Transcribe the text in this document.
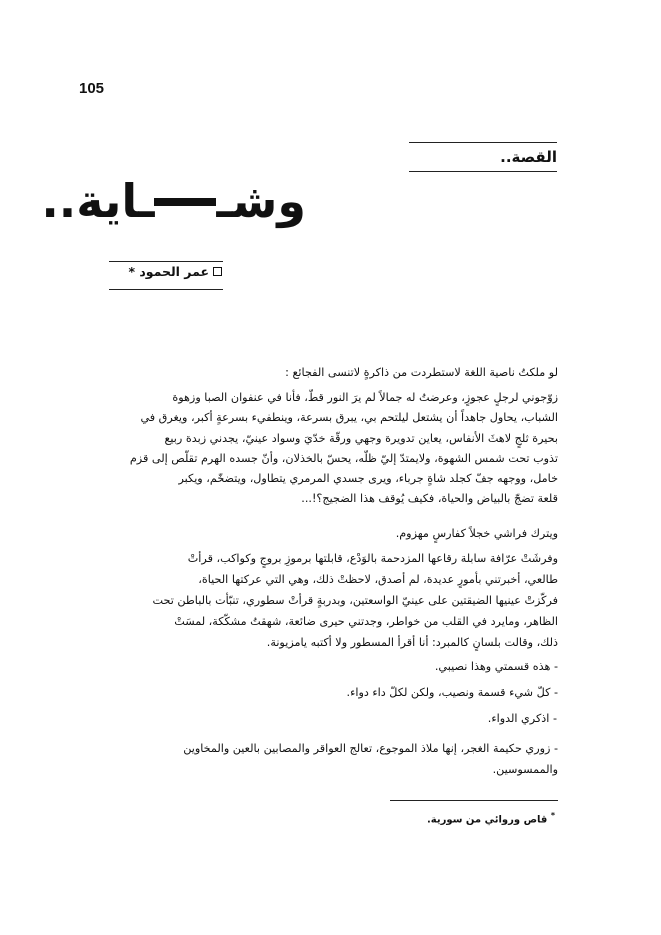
105
القصة..
وشــاية..
عمر الحمود *
لو ملكتُ ناصية اللغة لاستطردت من ذاكرةٍ لاتنسى الفجائع :
زوّجوني لرجلٍ عجوزٍ، وعرضتُ له جمالاً لم يرَ النور قطّ، فأنا في عنفوان الصبا وزهوة
الشباب، يحاول جاهداً أن يشتعل ليلتحم بي، يبرق بسرعة، وينطفيء بسرعةٍ أكبر، ويغرق في
بحيرة ثلجٍ لاهثَ الأنفاس، يعاين تدويرة وجهي ورقّة خدّيَ وسواد عينيّ، يجدني زبدة ربيع
تذوب تحت شمس الشهوة، ولايمتدّ إليّ ظلّه، يحسّ بالخذلان، وأنّ جسده الهرم تقلّص إلى قزم
خامل، ووجهه جفّ كجلد شاةٍ جرباء، ويرى جسدي المرمري يتطاول، ويتضخّم، ويكبر
قلعة تضجّ بالبياض والحياة، فكيف يُوقف هذا الضجيج؟!...
ويترك فراشي خجلاً كفارسٍ مهزوم.
وفرشَتْ عرّافة سابلة رقاعها المزدحمة بالوَدْع، قابلتها برموزِ بروجٍ وكواكب، قرأتْ
طالعي، أخبرتني بأمورٍ عديدة، لم أصدق، لاحظتْ ذلك، وهي التي عركتها الحياة،
فركّزتْ عينيها الضيقتين على عينيّ الواسعتين، وبدربةٍ قرأتْ سطوري، تنبّأت بالباطن تحت
الظاهر، ومايرد في القلب من خواطر، وجدتني حيرى ضائعة، شهقتُ مشكّكة، لمسَتْ
ذلك، وقالت بلسانٍ كالمبرد: أنا أقرأ المسطور ولا أكتبه يامزيونة.
- هذه قسمتي وهذا نصيبي.
- كلّ شيء قسمة ونصيب، ولكن لكلّ داء دواء.
- اذكري الدواء.
- زوري حكيمة الغجر، إنها ملاذ الموجوع، تعالج العواقر والمصابين بالعين والمخاوين
والممسوسين.
* قاص وروائي من سورية.
